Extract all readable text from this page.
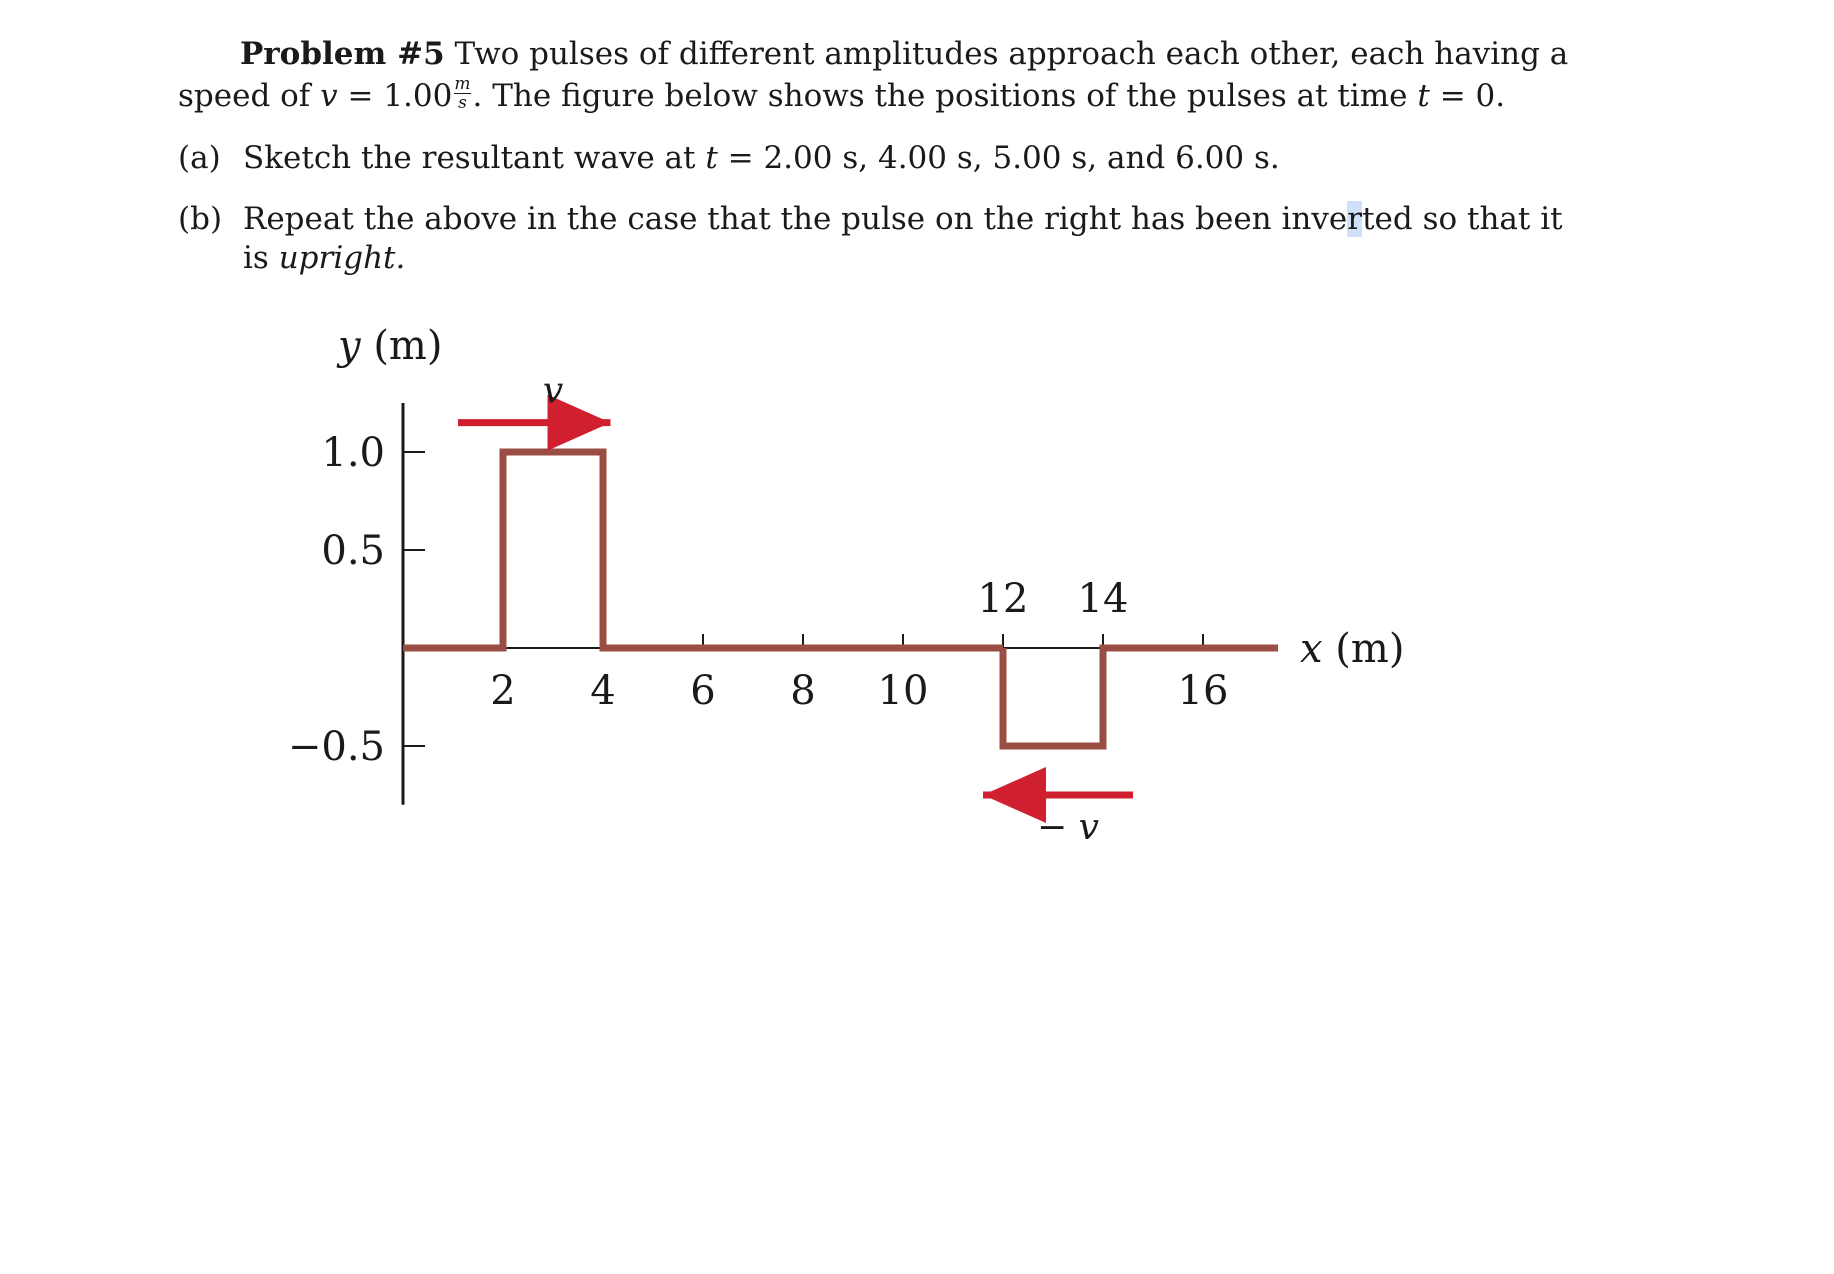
Problem #5 Two pulses of different amplitudes approach each other, each having a
speed of $v = 1.00 \frac{m}{s}$ . The figure below shows the positions of the pulses at time t = 0.
(a) Sketch the resultant wave at t = 2.00 s, 4.00 s, 5.00 s, and 6.00 s.
(b) Repeat the above in the case that the pulse on the right has been inverted so that it
is upright.
1.0
0.5
−0.5
2 4 6 8 10	16
12 14
y (m)
x (m)
v
− v
